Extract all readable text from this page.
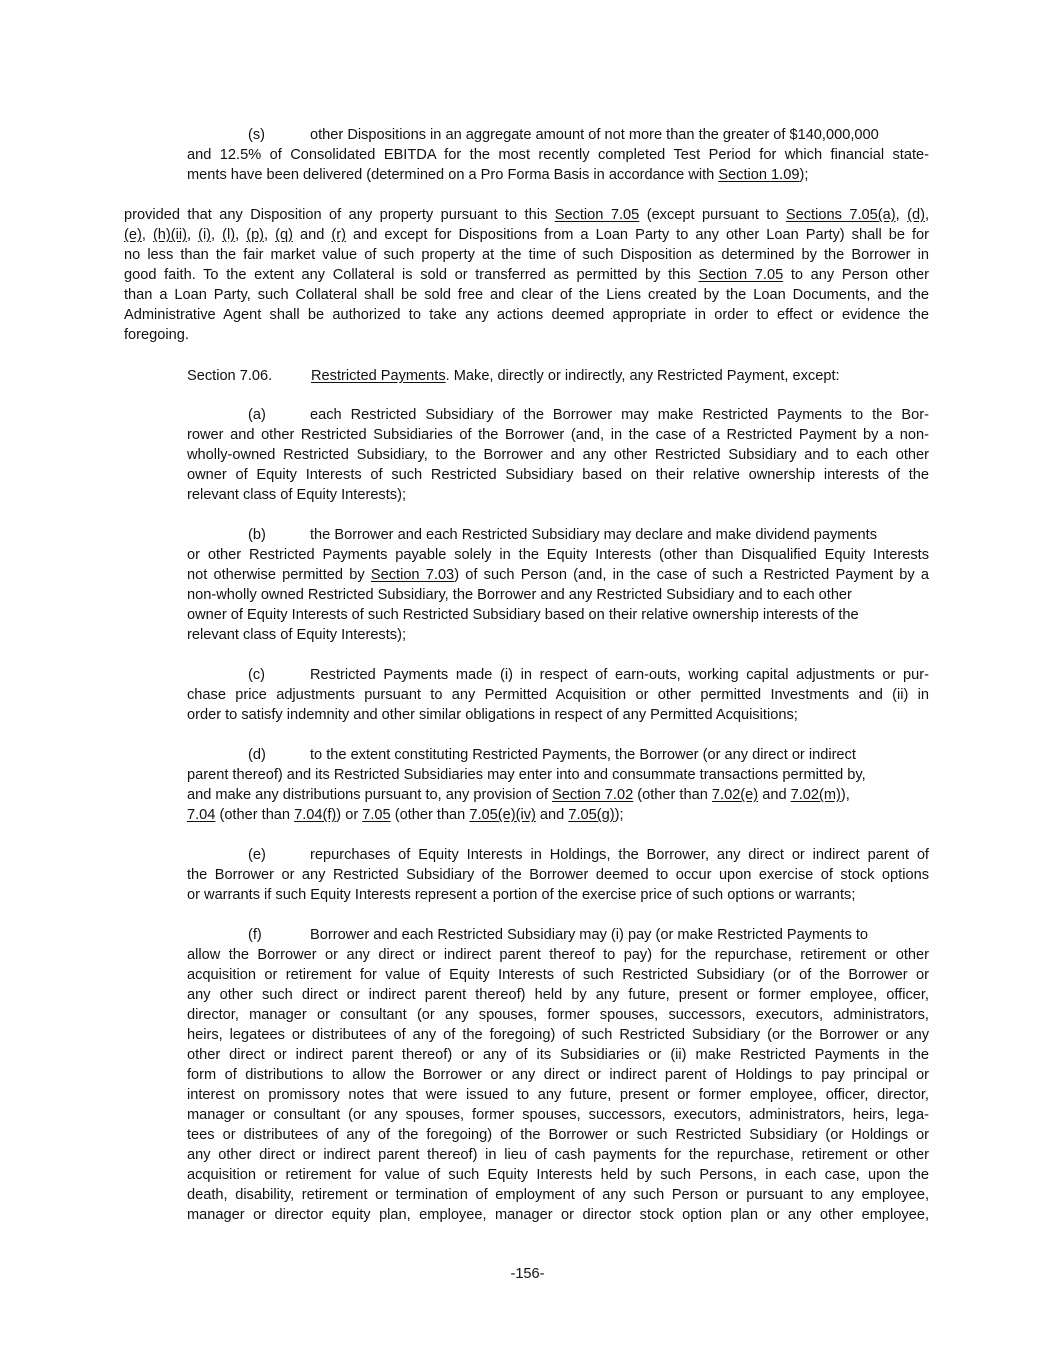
(s)	other Dispositions in an aggregate amount of not more than the greater of $140,000,000
and 12.5% of Consolidated EBITDA for the most recently completed Test Period for which financial state-
ments have been delivered (determined on a Pro Forma Basis in accordance with Section 1.09);
provided that any Disposition of any property pursuant to this Section 7.05 (except pursuant to Sections 7.05(a), (d),
(e), (h)(ii), (i), (l), (p), (q) and (r) and except for Dispositions from a Loan Party to any other Loan Party) shall be for
no less than the fair market value of such property at the time of such Disposition as determined by the Borrower in
good faith. To the extent any Collateral is sold or transferred as permitted by this Section 7.05 to any Person other
than a Loan Party, such Collateral shall be sold free and clear of the Liens created by the Loan Documents, and the
Administrative Agent shall be authorized to take any actions deemed appropriate in order to effect or evidence the
foregoing.
Section 7.06.	Restricted Payments. Make, directly or indirectly, any Restricted Payment, except:
(a)	each Restricted Subsidiary of the Borrower may make Restricted Payments to the Bor-
rower and other Restricted Subsidiaries of the Borrower (and, in the case of a Restricted Payment by a non-
wholly-owned Restricted Subsidiary, to the Borrower and any other Restricted Subsidiary and to each other
owner of Equity Interests of such Restricted Subsidiary based on their relative ownership interests of the
relevant class of Equity Interests);
(b)	the Borrower and each Restricted Subsidiary may declare and make dividend payments
or other Restricted Payments payable solely in the Equity Interests (other than Disqualified Equity Interests
not otherwise permitted by Section 7.03) of such Person (and, in the case of such a Restricted Payment by a
non-wholly owned Restricted Subsidiary, the Borrower and any Restricted Subsidiary and to each other
owner of Equity Interests of such Restricted Subsidiary based on their relative ownership interests of the
relevant class of Equity Interests);
(c)	Restricted Payments made (i) in respect of earn-outs, working capital adjustments or pur-
chase price adjustments pursuant to any Permitted Acquisition or other permitted Investments and (ii) in
order to satisfy indemnity and other similar obligations in respect of any Permitted Acquisitions;
(d)	to the extent constituting Restricted Payments, the Borrower (or any direct or indirect
parent thereof) and its Restricted Subsidiaries may enter into and consummate transactions permitted by,
and make any distributions pursuant to, any provision of Section 7.02 (other than 7.02(e) and 7.02(m)),
7.04 (other than 7.04(f)) or 7.05 (other than 7.05(e)(iv) and 7.05(g));
(e)	repurchases of Equity Interests in Holdings, the Borrower, any direct or indirect parent of
the Borrower or any Restricted Subsidiary of the Borrower deemed to occur upon exercise of stock options
or warrants if such Equity Interests represent a portion of the exercise price of such options or warrants;
(f)	Borrower and each Restricted Subsidiary may (i) pay (or make Restricted Payments to
allow the Borrower or any direct or indirect parent thereof to pay) for the repurchase, retirement or other
acquisition or retirement for value of Equity Interests of such Restricted Subsidiary (or of the Borrower or
any other such direct or indirect parent thereof) held by any future, present or former employee, officer,
director, manager or consultant (or any spouses, former spouses, successors, executors, administrators,
heirs, legatees or distributees of any of the foregoing) of such Restricted Subsidiary (or the Borrower or any
other direct or indirect parent thereof) or any of its Subsidiaries or (ii) make Restricted Payments in the
form of distributions to allow the Borrower or any direct or indirect parent of Holdings to pay principal or
interest on promissory notes that were issued to any future, present or former employee, officer, director,
manager or consultant (or any spouses, former spouses, successors, executors, administrators, heirs, lega-
tees or distributees of any of the foregoing) of the Borrower or such Restricted Subsidiary (or Holdings or
any other direct or indirect parent thereof) in lieu of cash payments for the repurchase, retirement or other
acquisition or retirement for value of such Equity Interests held by such Persons, in each case, upon the
death, disability, retirement or termination of employment of any such Person or pursuant to any employee,
manager or director equity plan, employee, manager or director stock option plan or any other employee,
-156-
